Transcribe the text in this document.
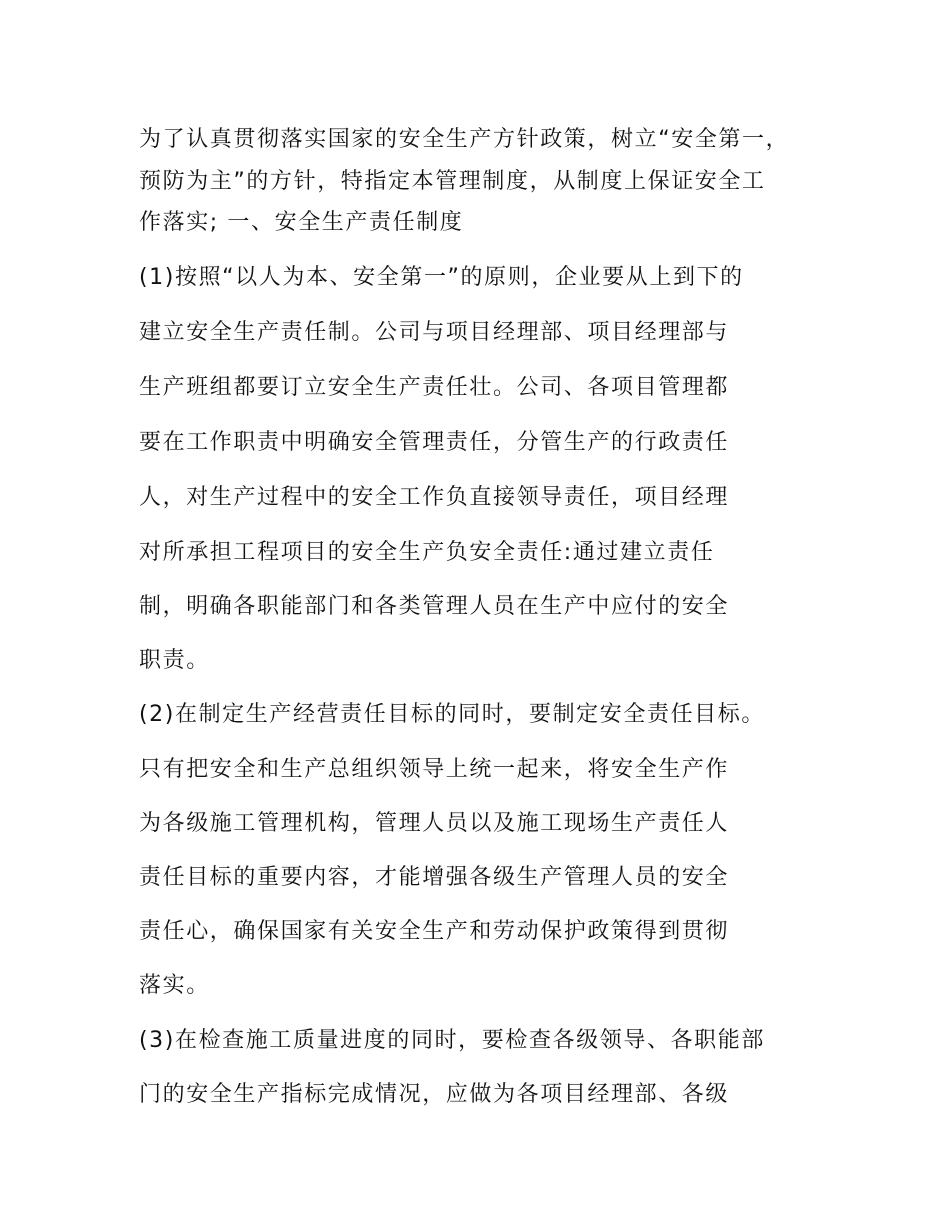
为了认真贯彻落实国家的安全生产方针政策，树立“安全第一，
预防为主”的方针，特指定本管理制度，从制度上保证安全工
作落实; 一、安全生产责任制度
(1)按照“以人为本、安全第一”的原则，企业要从上到下的
建立安全生产责任制。公司与项目经理部、项目经理部与
生产班组都要订立安全生产责任壮。公司、各项目管理都
要在工作职责中明确安全管理责任，分管生产的行政责任
人，对生产过程中的安全工作负直接领导责任，项目经理
对所承担工程项目的安全生产负安全责任:通过建立责任
制，明确各职能部门和各类管理人员在生产中应付的安全
职责。
(2)在制定生产经营责任目标的同时，要制定安全责任目标。
只有把安全和生产总组织领导上统一起来，将安全生产作
为各级施工管理机构，管理人员以及施工现场生产责任人
责任目标的重要内容，才能增强各级生产管理人员的安全
责任心，确保国家有关安全生产和劳动保护政策得到贯彻
落实。
(3)在检查施工质量进度的同时，要检查各级领导、各职能部
门的安全生产指标完成情况，应做为各项目经理部、各级
